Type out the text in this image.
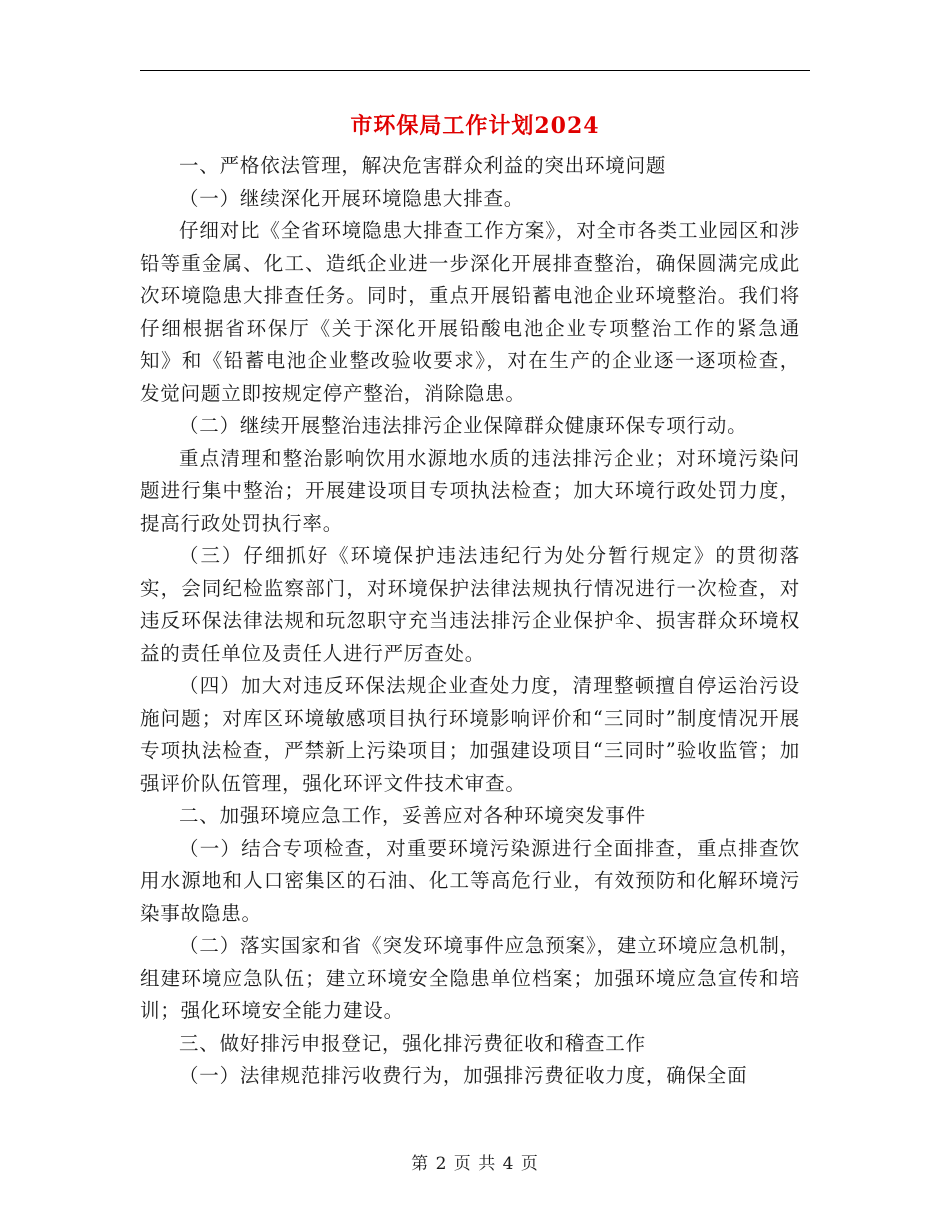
市环保局工作计划2024

一、严格依法管理，解决危害群众利益的突出环境问题

（一）继续深化开展环境隐患大排查。

仔细对比《全省环境隐患大排查工作方案》，对全市各类工业园区和涉铅等重金属、化工、造纸企业进一步深化开展排查整治，确保圆满完成此次环境隐患大排查任务。同时，重点开展铅蓄电池企业环境整治。我们将仔细根据省环保厅《关于深化开展铅酸电池企业专项整治工作的紧急通知》和《铅蓄电池企业整改验收要求》，对在生产的企业逐一逐项检查，发觉问题立即按规定停产整治，消除隐患。

（二）继续开展整治违法排污企业保障群众健康环保专项行动。

重点清理和整治影响饮用水源地水质的违法排污企业；对环境污染问题进行集中整治；开展建设项目专项执法检查；加大环境行政处罚力度，提高行政处罚执行率。

（三）仔细抓好《环境保护违法违纪行为处分暂行规定》的贯彻落实，会同纪检监察部门，对环境保护法律法规执行情况进行一次检查，对违反环保法律法规和玩忽职守充当违法排污企业保护伞、损害群众环境权益的责任单位及责任人进行严厉查处。

（四）加大对违反环保法规企业查处力度，清理整顿擅自停运治污设施问题；对库区环境敏感项目执行环境影响评价和“三同时”制度情况开展专项执法检查，严禁新上污染项目；加强建设项目“三同时”验收监管；加强评价队伍管理，强化环评文件技术审查。

二、加强环境应急工作，妥善应对各种环境突发事件

（一）结合专项检查，对重要环境污染源进行全面排查，重点排查饮用水源地和人口密集区的石油、化工等高危行业，有效预防和化解环境污染事故隐患。

（二）落实国家和省《突发环境事件应急预案》，建立环境应急机制，组建环境应急队伍；建立环境安全隐患单位档案；加强环境应急宣传和培训；强化环境安全能力建设。

三、做好排污申报登记，强化排污费征收和稽查工作

（一）法律规范排污收费行为，加强排污费征收力度，确保全面

第 2 页 共 4 页
